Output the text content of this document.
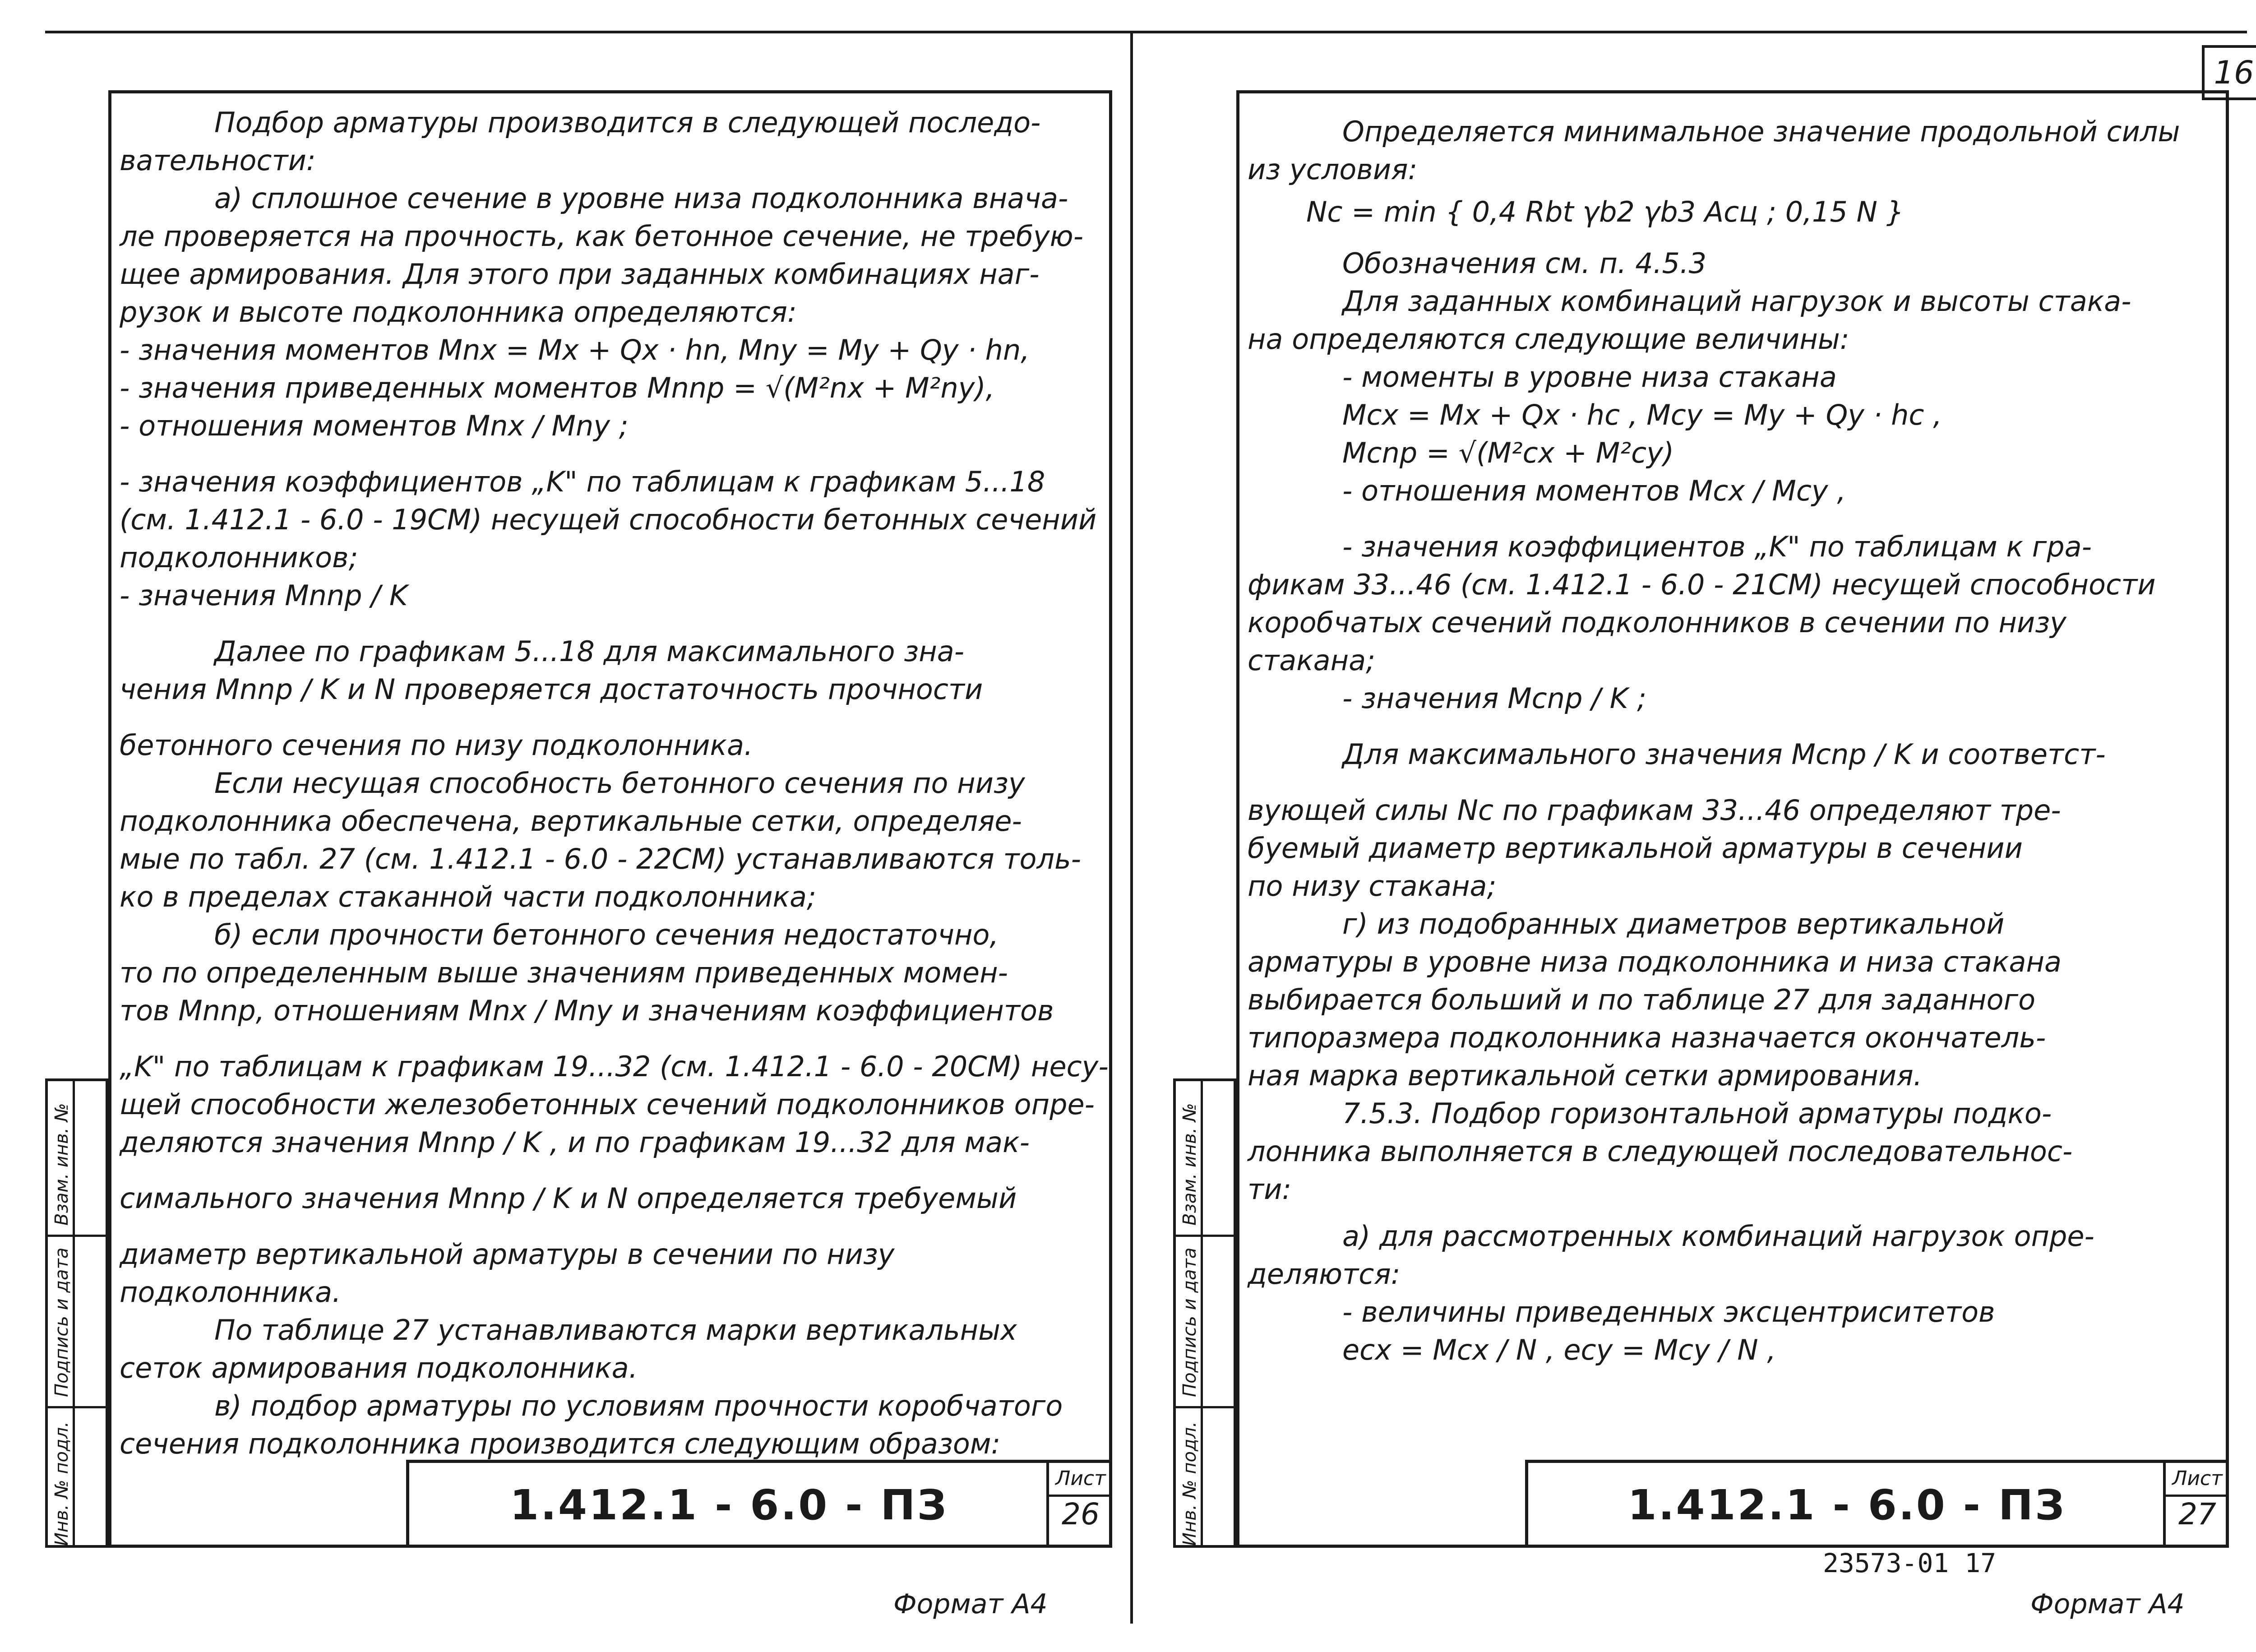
16
Инв. № подл.
Подпись и дата
Взам. инв. №

Подбор арматуры производится в следующей последо-

вательности:

а) сплошное сечение в уровне низа подколонника внача-

ле проверяется на прочность, как бетонное сечение, не требую-

щее армирования. Для этого при заданных комбинациях наг-

рузок и высоте подколонника определяются:

- значения моментов Mnx = Mx + Qx · hn, Mny = My + Qy · hn,

- значения приведенных моментов Mnnp = √(M²nx + M²ny),

- отношения моментов Mnx / Mny ;

- значения коэффициентов „K" по таблицам к графикам 5...18

(см. 1.412.1 - 6.0 - 19СМ) несущей способности бетонных сечений

подколонников;

- значения Mnnp / K

Далее по графикам 5...18 для максимального зна-

чения Mnnp / K и N проверяется достаточность прочности

бетонного сечения по низу подколонника.

Если несущая способность бетонного сечения по низу

подколонника обеспечена, вертикальные сетки, определяе-

мые по табл. 27 (см. 1.412.1 - 6.0 - 22СМ) устанавливаются толь-

ко в пределах стаканной части подколонника;

б) если прочности бетонного сечения недостаточно,

то по определенным выше значениям приведенных момен-

тов Mnnp, отношениям Mnx / Mny и значениям коэффициентов

„K" по таблицам к графикам 19...32 (см. 1.412.1 - 6.0 - 20СМ) несу-

щей способности железобетонных сечений подколонников опре-

деляются значения Mnnp / K , и по графикам 19...32 для мак-

симального значения Mnnp / K и N определяется требуемый

диаметр вертикальной арматуры в сечении по низу

подколонника.

По таблице 27 устанавливаются марки вертикальных

сеток армирования подколонника.

в) подбор арматуры по условиям прочности коробчатого

сечения подколонника производится следующим образом:

1.412.1 - 6.0 - ПЗ
Лист
26
Формат А4
Инв. № подл.
Подпись и дата
Взам. инв. №

Определяется минимальное значение продольной силы

из условия:

Nc = min { 0,4 Rbt γb2 γb3 Acц ; 0,15 N }

Обозначения см. п. 4.5.3

Для заданных комбинаций нагрузок и высоты стака-

на определяются следующие величины:

- моменты в уровне низа стакана

Mcx = Mx + Qx · hc , Mcy = My + Qy · hc ,

Mcnp = √(M²cx + M²cy)

- отношения моментов Mcx / Mcy ,

- значения коэффициентов „K" по таблицам к гра-

фикам 33...46 (см. 1.412.1 - 6.0 - 21СМ) несущей способности

коробчатых сечений подколонников в сечении по низу

стакана;

- значения Mcnp / K ;

Для максимального значения Mcnp / K и соответст-

вующей силы Nc по графикам 33...46 определяют тре-

буемый диаметр вертикальной арматуры в сечении

по низу стакана;

г) из подобранных диаметров вертикальной

арматуры в уровне низа подколонника и низа стакана

выбирается больший и по таблице 27 для заданного

типоразмера подколонника назначается окончатель-

ная марка вертикальной сетки армирования.

7.5.3. Подбор горизонтальной арматуры подко-

лонника выполняется в следующей последовательнос-

ти:

а) для рассмотренных комбинаций нагрузок опре-

деляются:

- величины приведенных эксцентриситетов

ecx = Mcx / N , ecy = Mcy / N ,

1.412.1 - 6.0 - ПЗ
Лист
27
23573-01 17
Формат А4
